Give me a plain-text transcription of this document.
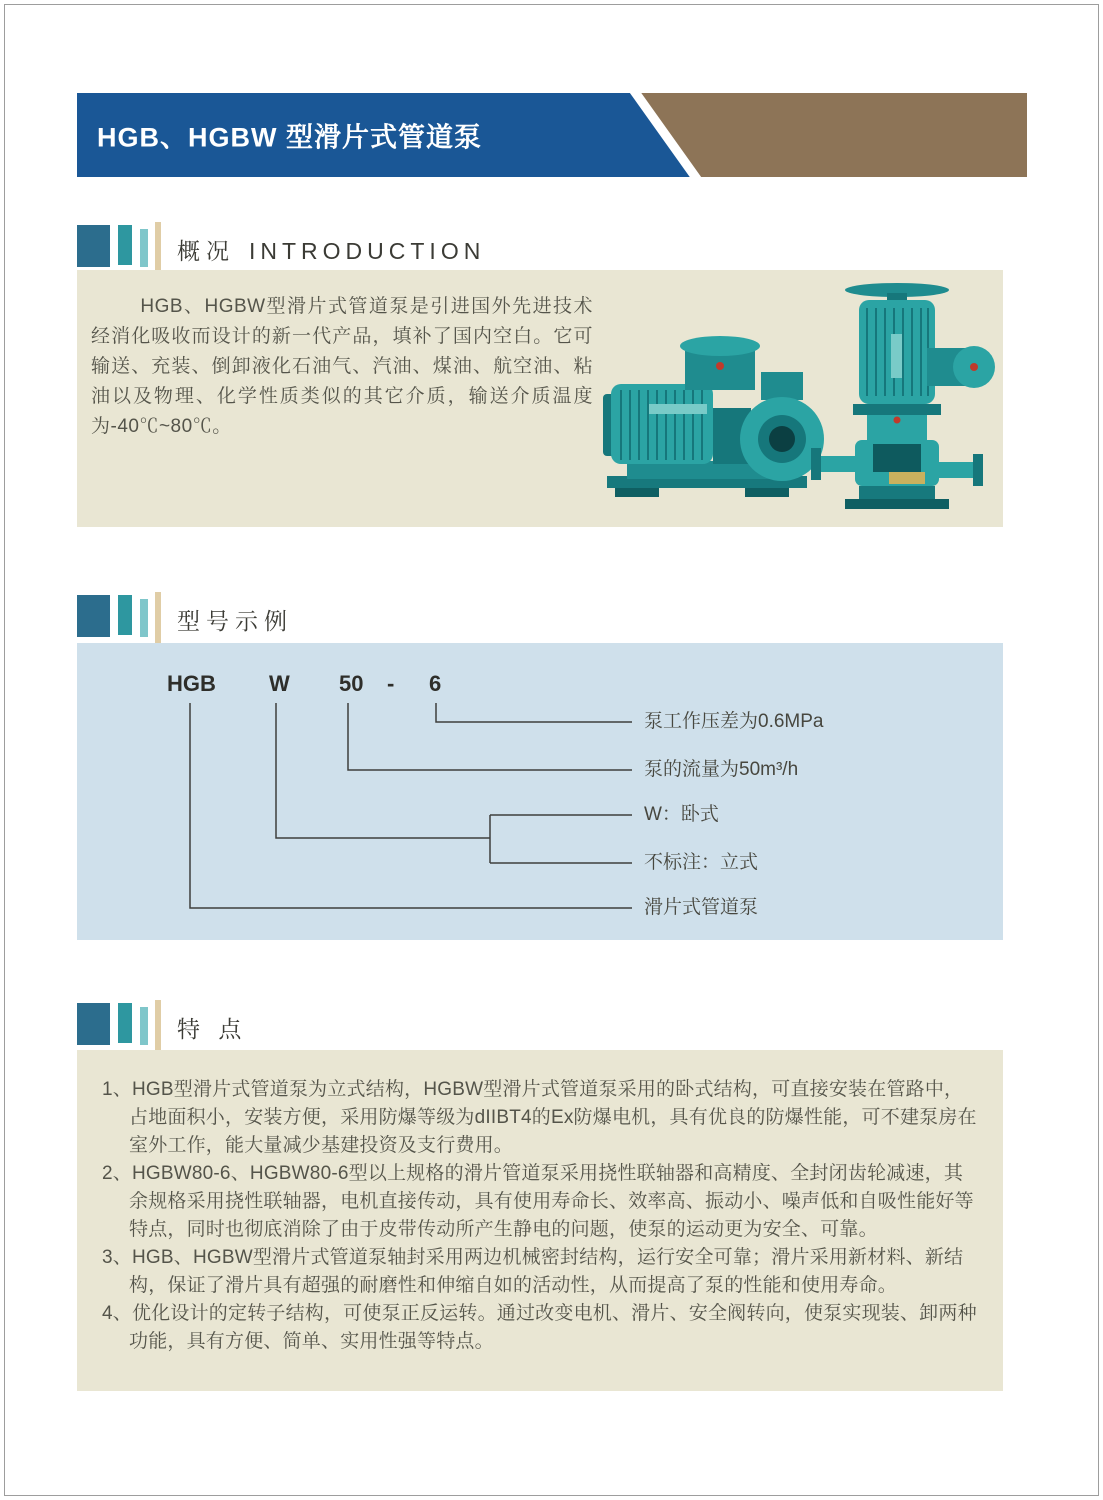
HGB、HGBW 型滑片式管道泵
概况 INTRODUCTION
HGB、HGBW型滑片式管道泵是引进国外先进技术经消化吸收而设计的新一代产品，填补了国内空白。它可输送、充装、倒卸液化石油气、汽油、煤油、航空油、粘油以及物理、化学性质类似的其它介质，输送介质温度为-40℃~80℃。
型号示例
HGB W 50 - 6
泵工作压差为0.6MPa
泵的流量为50m³/h
W：卧式
不标注：立式
滑片式管道泵
特 点
1、HGB型滑片式管道泵为立式结构，HGBW型滑片式管道泵采用的卧式结构，可直接安装在管路中，占地面积小，安装方便，采用防爆等级为dIIBT4的Ex防爆电机，具有优良的防爆性能，可不建泵房在室外工作，能大量减少基建投资及支行费用。
2、HGBW80-6、HGBW80-6型以上规格的滑片管道泵采用挠性联轴器和高精度、全封闭齿轮减速，其余规格采用挠性联轴器，电机直接传动，具有使用寿命长、效率高、振动小、噪声低和自吸性能好等特点，同时也彻底消除了由于皮带传动所产生静电的问题，使泵的运动更为安全、可靠。
3、HGB、HGBW型滑片式管道泵轴封采用两边机械密封结构，运行安全可靠；滑片采用新材料、新结构，保证了滑片具有超强的耐磨性和伸缩自如的活动性，从而提高了泵的性能和使用寿命。
4、优化设计的定转子结构，可使泵正反运转。通过改变电机、滑片、安全阀转向，使泵实现装、卸两种功能，具有方便、简单、实用性强等特点。
